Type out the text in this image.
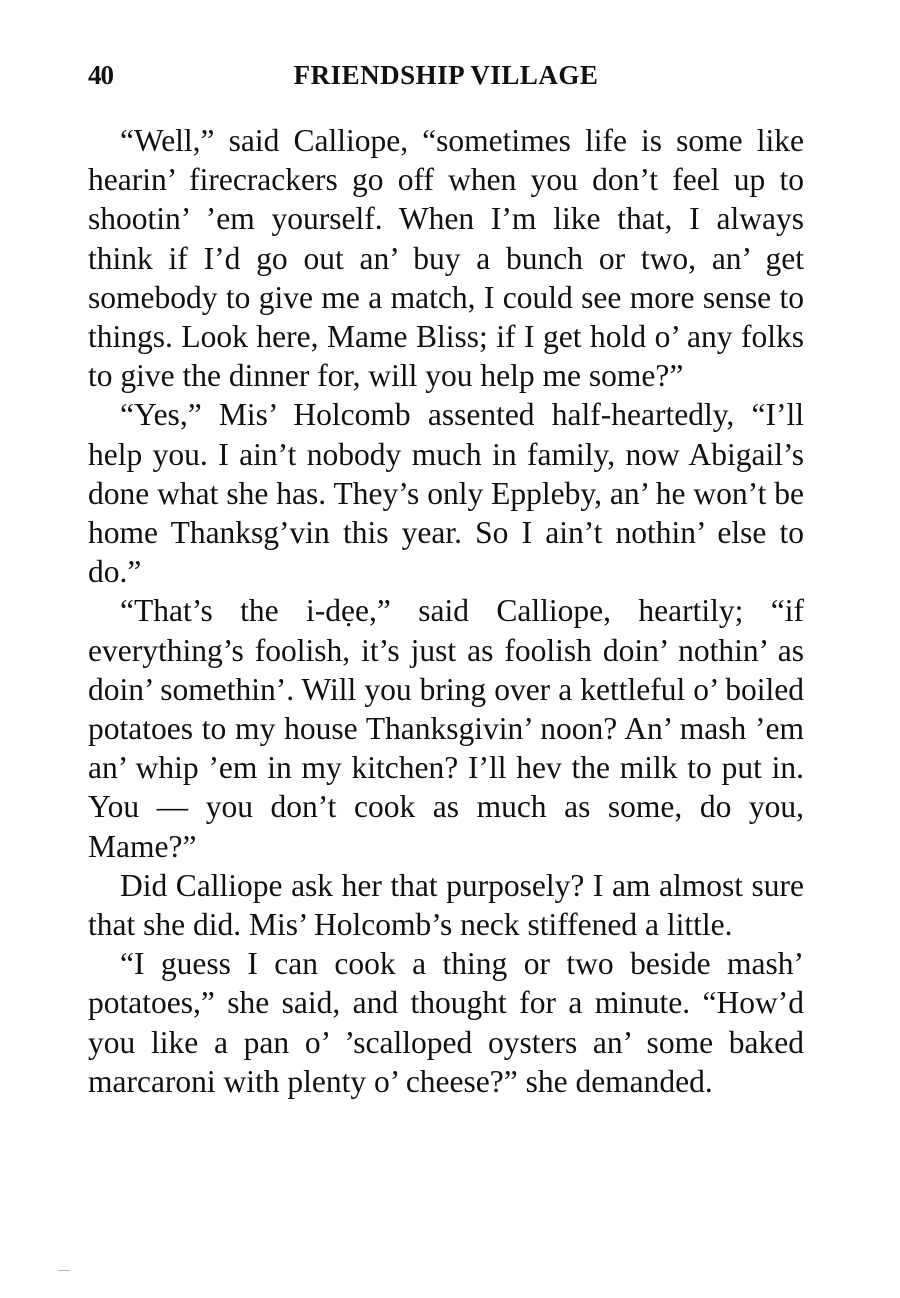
40	FRIENDSHIP VILLAGE

“Well,” said Calliope, “sometimes life is some like hearin’ firecrackers go off when you don’t feel up to shootin’ ’em yourself. When I’m like that, I always think if I’d go out an’ buy a bunch or two, an’ get somebody to give me a match, I could see more sense to things. Look here, Mame Bliss; if I get hold o’ any folks to give the dinner for, will you help me some?”

“Yes,” Mis’ Holcomb assented half-heartedly, “I’ll help you. I ain’t nobody much in family, now Abigail’s done what she has. They’s only Eppleby, an’ he won’t be home Thanksg’vin this year. So I ain’t nothin’ else to do.”

“That’s the i-dẹe,” said Calliope, heartily; “if everything’s foolish, it’s just as foolish doin’ nothin’ as doin’ somethin’. Will you bring over a kettleful o’ boiled potatoes to my house Thanksgivin’ noon? An’ mash ’em an’ whip ’em in my kitchen? I’ll hev the milk to put in. You — you don’t cook as much as some, do you, Mame?”

Did Calliope ask her that purposely? I am almost sure that she did. Mis’ Holcomb’s neck stiffened a little.

“I guess I can cook a thing or two beside mash’ potatoes,” she said, and thought for a minute. “How’d you like a pan o’ ’scalloped oysters an’ some baked marcaroni with plenty o’ cheese?” she demanded.
